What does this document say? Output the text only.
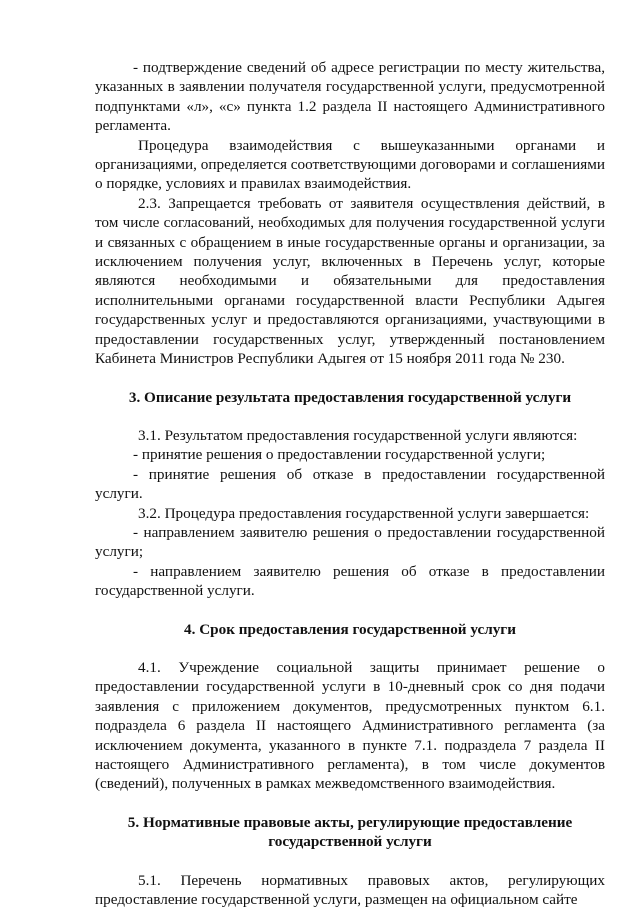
- подтверждение сведений об адресе регистрации по месту жительства, указанных в заявлении получателя государственной услуги, предусмотренной подпунктами «л», «с» пункта 1.2 раздела II настоящего Административного регламента.

Процедура взаимодействия с вышеуказанными органами и организациями, определяется соответствующими договорами и соглашениями о порядке, условиях и правилах взаимодействия.

2.3. Запрещается требовать от заявителя осуществления действий, в том числе согласований, необходимых для получения государственной услуги и связанных с обращением в иные государственные органы и организации, за исключением получения услуг, включенных в Перечень услуг, которые являются необходимыми и обязательными для предоставления исполнительными органами государственной власти Республики Адыгея государственных услуг и предоставляются организациями, участвующими в предоставлении государственных услуг, утвержденный постановлением Кабинета Министров Республики Адыгея от 15 ноября 2011 года № 230.

3. Описание результата предоставления государственной услуги

3.1. Результатом предоставления государственной услуги являются:

- принятие решения о предоставлении государственной услуги;

- принятие решения об отказе в предоставлении государственной услуги.

3.2. Процедура предоставления государственной услуги завершается:

- направлением заявителю решения о предоставлении государственной услуги;

- направлением заявителю решения об отказе в предоставлении государственной услуги.

4. Срок предоставления государственной услуги

4.1. Учреждение социальной защиты принимает решение о предоставлении государственной услуги в 10-дневный срок со дня подачи заявления с приложением документов, предусмотренных пунктом 6.1. подраздела 6 раздела II настоящего Административного регламента (за исключением документа, указанного в пункте 7.1. подраздела 7 раздела II настоящего Административного регламента), в том числе документов (сведений), полученных в рамках межведомственного взаимодействия.

5. Нормативные правовые акты, регулирующие предоставление государственной услуги

5.1. Перечень нормативных правовых актов, регулирующих предоставление государственной услуги, размещен на официальном сайте
